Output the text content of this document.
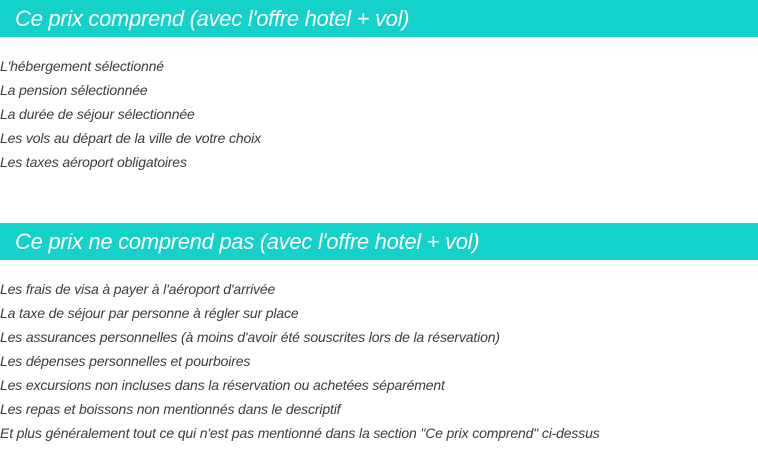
Ce prix comprend (avec l'offre hotel + vol)
L'hébergement sélectionné
La pension sélectionnée
La durée de séjour sélectionnée
Les vols au départ de la ville de votre choix
Les taxes aéroport obligatoires
Ce prix ne comprend pas (avec l'offre hotel + vol)
Les frais de visa à payer à l'aéroport d'arrivée
La taxe de séjour par personne à régler sur place
Les assurances personnelles (à moins d'avoir été souscrites lors de la réservation)
Les dépenses personnelles et pourboires
Les excursions non incluses dans la réservation ou achetées séparément
Les repas et boissons non mentionnés dans le descriptif
Et plus généralement tout ce qui n'est pas mentionné dans la section "Ce prix comprend" ci-dessus
